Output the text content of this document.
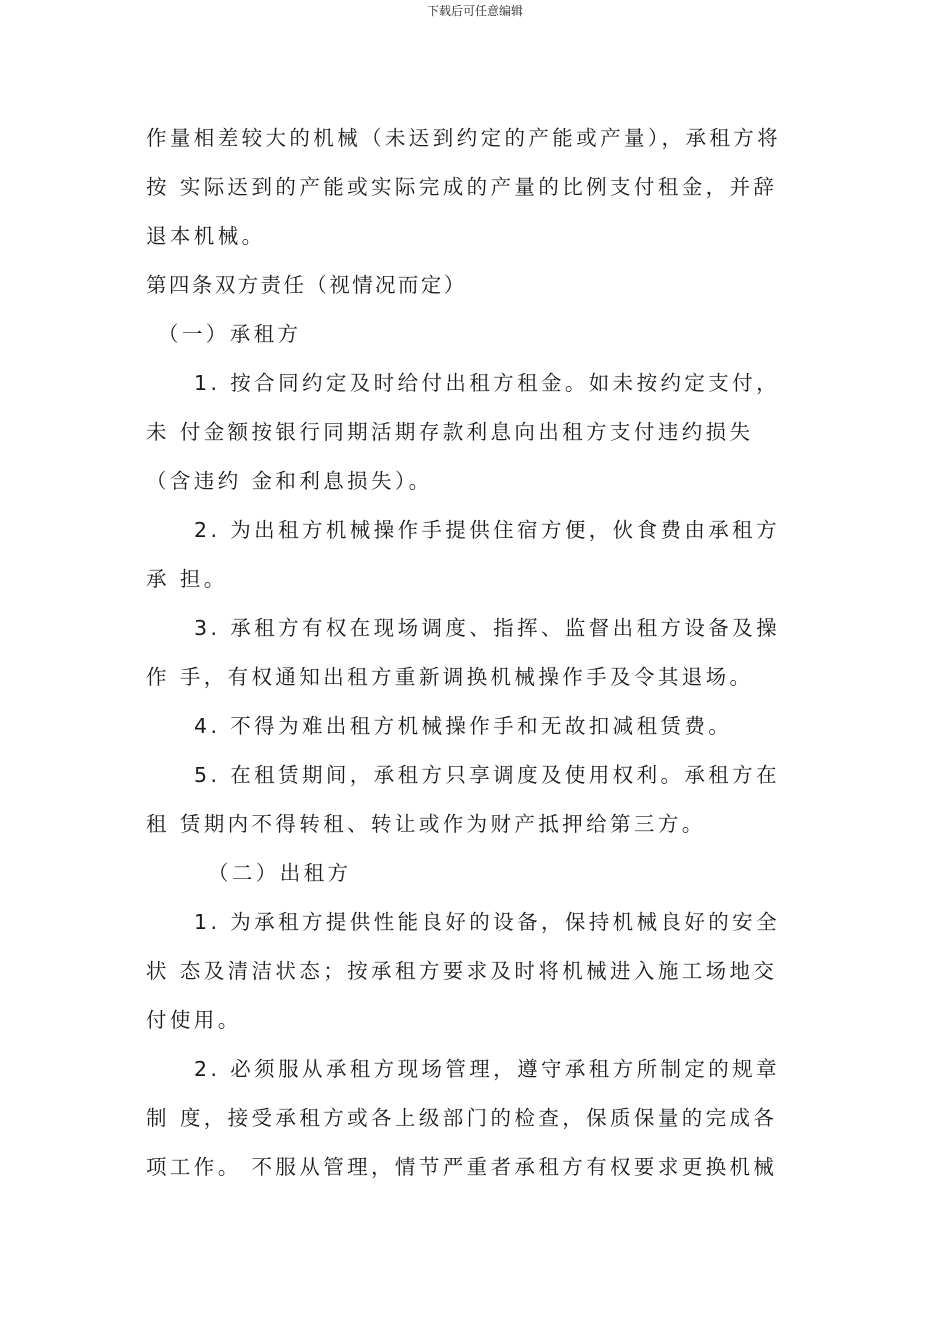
下载后可任意编辑
作量相差较大的机械（未迗到约定的产能或产量），承租方将
按 实际迗到的产能或实际完成的产量的比例支付租金，并辞
退本机械。
第四条双方责任（视情况而定）
（一）承租方
1. 按合同约定及时给付出租方租金。如未按约定支付，
未 付金额按银行同期活期存款利息向出租方支付违约损失
（含违约 金和利息损失）。
2. 为出租方机械操作手提供住宿方便，伙食费由承租方
承 担。
3. 承租方有权在现场调度、指挥、监督出租方设备及操
作 手，有权通知出租方重新调换机械操作手及令其退场。
4. 不得为难出租方机械操作手和无故扣减租赁费。
5. 在租赁期间，承租方只享调度及使用权利。承租方在
租 赁期内不得转租、转让或作为财产抵押给第三方。
（二）出租方
1. 为承租方提供性能良好的设备，保持机械良好的安全
状 态及清洁状态；按承租方要求及时将机械进入施工场地交
付使用。
2. 必须服从承租方现场管理，遵守承租方所制定的规章
制 度，接受承租方或各上级部门的检查，保质保量的完成各
项工作。 不服从管理，情节严重者承租方有权要求更换机械
